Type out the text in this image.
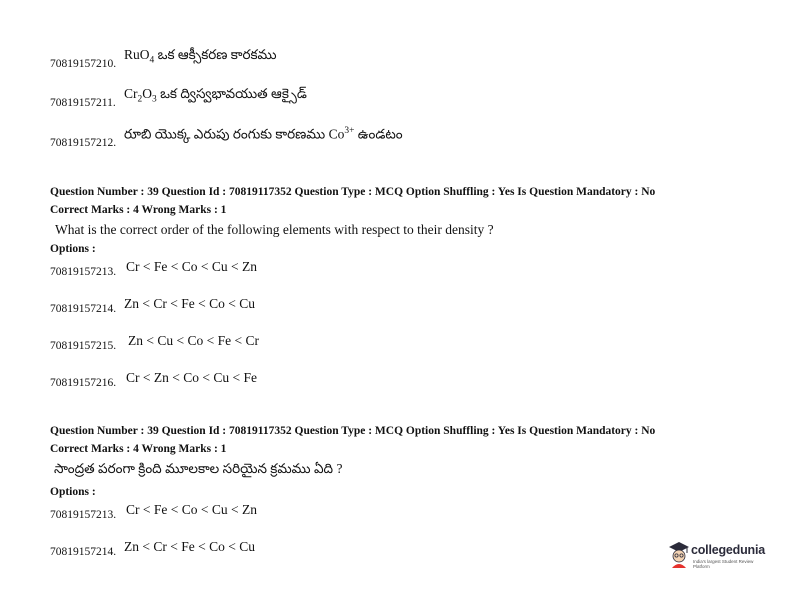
70819157210.
RuO$_4$ ఒక ఆక్సీకరణ కారకము
70819157211.
$Cr_2O_3$ ఒక ద్విస్వభావయుత ఆక్సైడ్
70819157212.
రూబి యొక్క ఎరుపు రంగుకు కారణము $Co^{3+}$ ఉండటం
Question Number : 39 Question Id : 70819117352 Question Type : MCQ Option Shuffling : Yes Is Question Mandatory : No
Correct Marks : 4 Wrong Marks : 1
What is the correct order of the following elements with respect to their density ?
Options :
70819157213. Cr < Fe < Co < Cu < Zn
70819157214. Zn < Cr < Fe < Co < Cu
70819157215. Zn < Cu < Co < Fe < Cr
70819157216. Cr < Zn < Co < Cu < Fe
Question Number : 39 Question Id : 70819117352 Question Type : MCQ Option Shuffling : Yes Is Question Mandatory : No
Correct Marks : 4 Wrong Marks : 1
సాంద్రత పరంగా క్రింది మూలకాల సరియైన క్రమము ఏది ?
Options :
70819157213. Cr < Fe < Co < Cu < Zn
70819157214. Zn < Cr < Fe < Co < Cu	collegedunia
India's largest Student Review Platform
